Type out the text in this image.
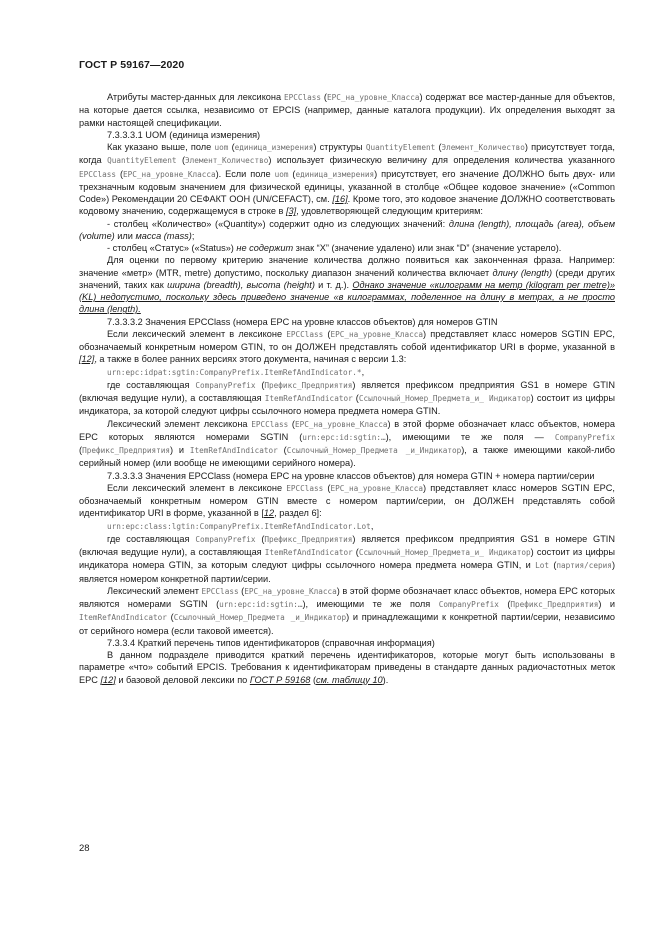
ГОСТ Р 59167—2020

Атрибуты мастер-данных для лексикона EPCClass (EPC_на_уровне_Класса) содержат все мастер-данные для объектов, на которые дается ссылка, независимо от EPCIS (например, данные каталога продукции). Их определения выходят за рамки настоящей спецификации.

7.3.3.3.1 UOM (единица измерения)

Как указано выше, поле uom (единица_измерения) структуры QuantityElement (Элемент_Количество) присутствует тогда, когда QuantityElement (Элемент_Количество) использует физическую величину для определения количества указанного EPCClass (EPC_на_уровне_Класса). Если поле uom (единица_измерения) присутствует, его значение ДОЛЖНО быть двух- или трехзначным кодовым значением для физической единицы, указанной в столбце «Общее кодовое значение» («Common Code») Рекомендации 20 СЕФАКТ ООН (UN/CEFACT), см. [16]. Кроме того, это кодовое значение ДОЛЖНО соответствовать кодовому значению, содержащемуся в строке в [3], удовлетворяющей следующим критериям:

- столбец «Количество» («Quantity») содержит одно из следующих значений: длина (length), площадь (area), объем (volume) или масса (mass);

- столбец «Статус» («Status») не содержит знак “X” (значение удалено) или знак “D” (значение устарело).

Для оценки по первому критерию значение количества должно появиться как законченная фраза. Например: значение «метр» (MTR, metre) допустимо, поскольку диапазон значений количества включает длину (length) (среди других значений, таких как ширина (breadth), высота (height) и т. д.). Однако значение «килограмм на метр (kilogram per metre)» (KL) недопустимо, поскольку здесь приведено значение «в килограммах, поделенное на длину в метрах, а не просто длина (length).

7.3.3.3.2 Значения EPCClass (номера EPC на уровне классов объектов) для номеров GTIN

Если лексический элемент в лексиконе EPCClass (EPC_на_уровне_Класса) представляет класс номеров SGTIN EPC, обозначаемый конкретным номером GTIN, то он ДОЛЖЕН представлять собой идентификатор URI в форме, указанной в [12], а также в более ранних версиях этого документа, начиная с версии 1.3:

urn:epc:idpat:sgtin:CompanyPrefix.ItemRefAndIndicator.*,

где составляющая CompanyPrefix (Префикс_Предприятия) является префиксом предприятия GS1 в номере GTIN (включая ведущие нули), а составляющая ItemRefAndIndicator (Ссылочный_Номер_Предмета_и_ Индикатор) состоит из цифры индикатора, за которой следуют цифры ссылочного номера предмета номера GTIN.

Лексический элемент лексикона EPCClass (EPC_на_уровне_Класса) в этой форме обозначает класс объектов, номера EPC которых являются номерами SGTIN (urn:epc:id:sgtin:…), имеющими те же поля — CompanyPrefix (Префикс_Предприятия) и ItemRefAndIndicator (Ссылочный_Номер_Предмета _и_Индикатор), а также имеющими какой-либо серийный номер (или вообще не имеющими серийного номера).

7.3.3.3.3 Значения EPCClass (номера EPC на уровне классов объектов) для номера GTIN + номера партии/серии

Если лексический элемент в лексиконе EPCClass (EPC_на_уровне_Класса) представляет класс номеров SGTIN EPC, обозначаемый конкретным номером GTIN вместе с номером партии/серии, он ДОЛЖЕН представлять собой идентификатор URI в форме, указанной в [12, раздел 6]:

urn:epc:class:lgtin:CompanyPrefix.ItemRefAndIndicator.Lot,

где составляющая CompanyPrefix (Префикс_Предприятия) является префиксом предприятия GS1 в номере GTIN (включая ведущие нули), а составляющая ItemRefAndIndicator (Ссылочный_Номер_Предмета_и_ Индикатор) состоит из цифры индикатора номера GTIN, за которым следуют цифры ссылочного номера предмета номера GTIN, и Lot (партия/серия) является номером конкретной партии/серии.

Лексический элемент EPCClass (EPC_на_уровне_Класса) в этой форме обозначает класс объектов, номера EPC которых являются номерами SGTIN (urn:epc:id:sgtin:…), имеющими те же поля CompanyPrefix (Префикс_Предприятия) и ItemRefAndIndicator (Ссылочный_Номер_Предмета _и_Индикатор) и принадлежащими к конкретной партии/серии, независимо от серийного номера (если таковой имеется).

7.3.3.4 Краткий перечень типов идентификаторов (справочная информация)

В данном подразделе приводится краткий перечень идентификаторов, которые могут быть использованы в параметре «что» событий EPCIS. Требования к идентификаторам приведены в стандарте данных радиочастотных меток EPC [12] и базовой деловой лексики по ГОСТ Р 59168 (см. таблицу 10).

28
